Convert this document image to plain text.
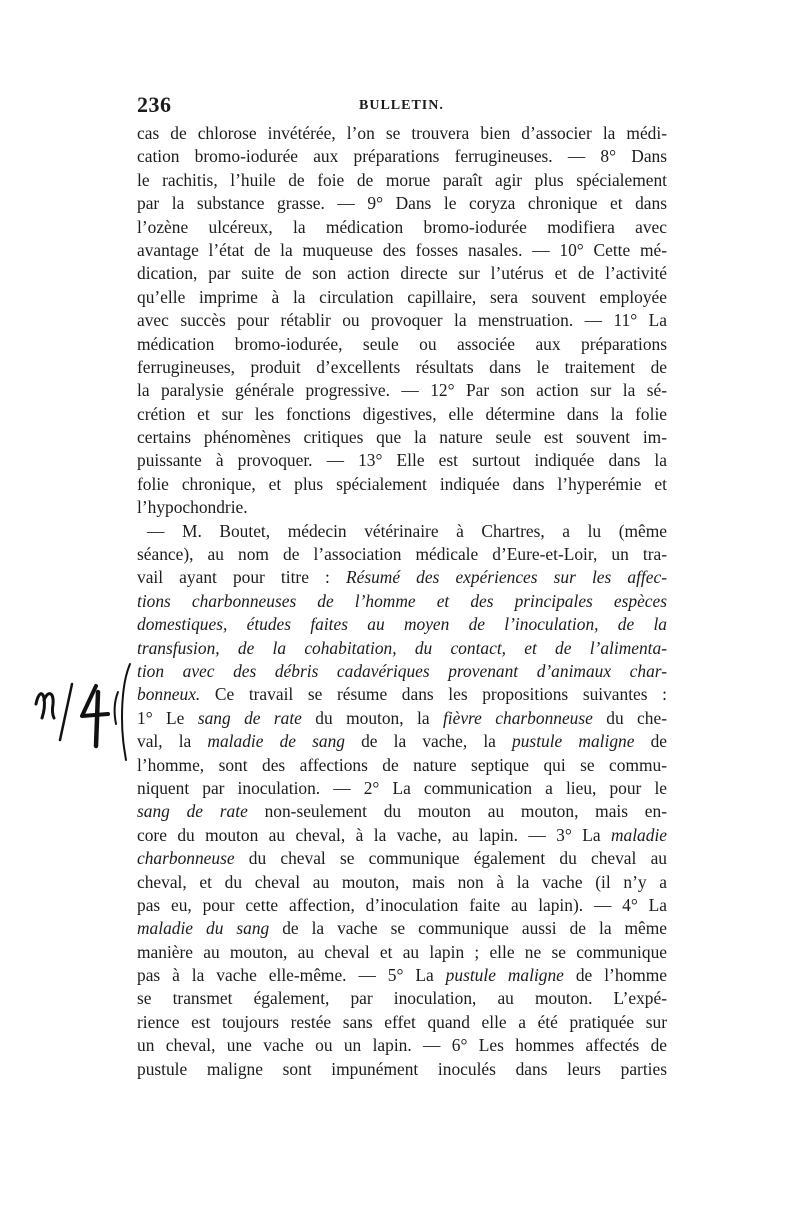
236	BULLETIN.
cas de chlorose invétérée, l’on se trouvera bien d’associer la médi-
cation bromo-iodurée aux préparations ferrugineuses. — 8° Dans
le rachitis, l’huile de foie de morue paraît agir plus spécialement
par la substance grasse. — 9° Dans le coryza chronique et dans
l’ozène ulcéreux, la médication bromo-iodurée modifiera avec
avantage l’état de la muqueuse des fosses nasales. — 10° Cette mé-
dication, par suite de son action directe sur l’utérus et de l’activité
qu’elle imprime à la circulation capillaire, sera souvent employée
avec succès pour rétablir ou provoquer la menstruation. — 11° La
médication bromo-iodurée, seule ou associée aux préparations
ferrugineuses, produit d’excellents résultats dans le traitement de
la paralysie générale progressive. — 12° Par son action sur la sé-
crétion et sur les fonctions digestives, elle détermine dans la folie
certains phénomènes critiques que la nature seule est souvent im-
puissante à provoquer. — 13° Elle est surtout indiquée dans la
folie chronique, et plus spécialement indiquée dans l’hyperémie et
l’hypochondrie.
— M. Boutet, médecin vétérinaire à Chartres, a lu (même
séance), au nom de l’association médicale d’Eure-et-Loir, un tra-
vail ayant pour titre : Résumé des expériences sur les affec-
tions charbonneuses de l’homme et des principales espèces
domestiques, études faites au moyen de l’inoculation, de la
transfusion, de la cohabitation, du contact, et de l’alimenta-
tion avec des débris cadavériques provenant d’animaux char-
bonneux. Ce travail se résume dans les propositions suivantes :
1° Le sang de rate du mouton, la fièvre charbonneuse du che-
val, la maladie de sang de la vache, la pustule maligne de
l’homme, sont des affections de nature septique qui se commu-
niquent par inoculation. — 2° La communication a lieu, pour le
sang de rate non-seulement du mouton au mouton, mais en-
core du mouton au cheval, à la vache, au lapin. — 3° La maladie
charbonneuse du cheval se communique également du cheval au
cheval, et du cheval au mouton, mais non à la vache (il n’y a
pas eu, pour cette affection, d’inoculation faite au lapin). — 4° La
maladie du sang de la vache se communique aussi de la même
manière au mouton, au cheval et au lapin ; elle ne se communique
pas à la vache elle-même. — 5° La pustule maligne de l’homme
se transmet également, par inoculation, au mouton. L’expé-
rience est toujours restée sans effet quand elle a été pratiquée sur
un cheval, une vache ou un lapin. — 6° Les hommes affectés de
pustule maligne sont impunément inoculés dans leurs parties
